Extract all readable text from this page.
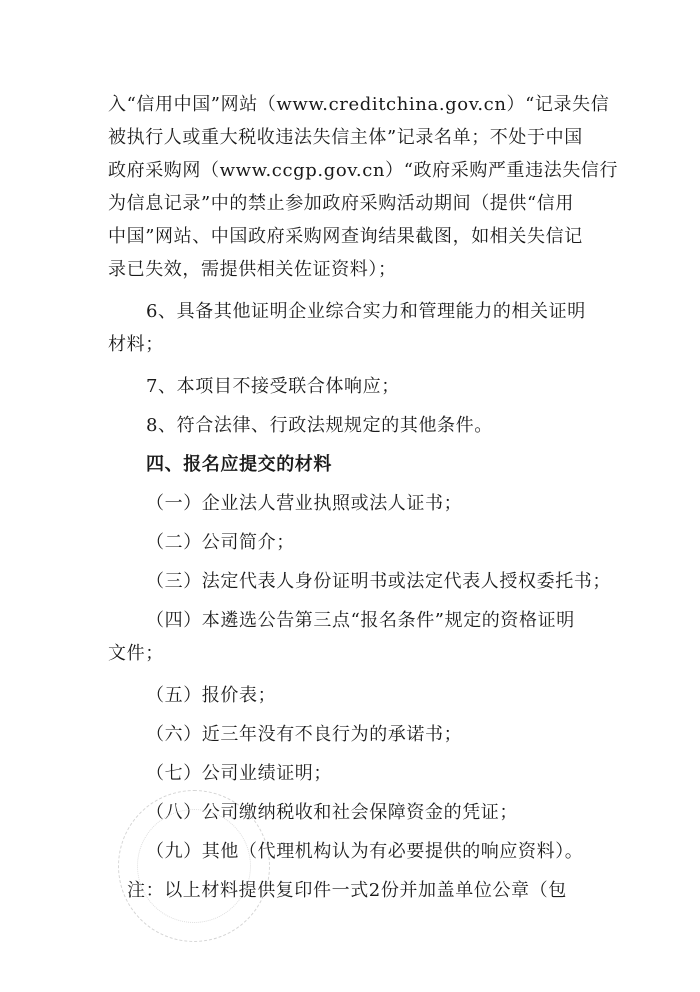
入“信用中国”网站（www.creditchina.gov.cn）“记录失信
被执行人或重大税收违法失信主体”记录名单；不处于中国
政府采购网（www.ccgp.gov.cn）“政府采购严重违法失信行
为信息记录”中的禁止参加政府采购活动期间（提供“信用
中国”网站、中国政府采购网查询结果截图，如相关失信记
录已失效，需提供相关佐证资料）；
6、具备其他证明企业综合实力和管理能力的相关证明
材料；
7、本项目不接受联合体响应；
8、符合法律、行政法规规定的其他条件。
四、报名应提交的材料
（一）企业法人营业执照或法人证书；
（二）公司简介；
（三）法定代表人身份证明书或法定代表人授权委托书；
（四）本遴选公告第三点“报名条件”规定的资格证明
文件；
（五）报价表；
（六）近三年没有不良行为的承诺书；
（七）公司业绩证明；
（八）公司缴纳税收和社会保障资金的凭证；
（九）其他（代理机构认为有必要提供的响应资料）。
注：以上材料提供复印件一式2份并加盖单位公章（包
